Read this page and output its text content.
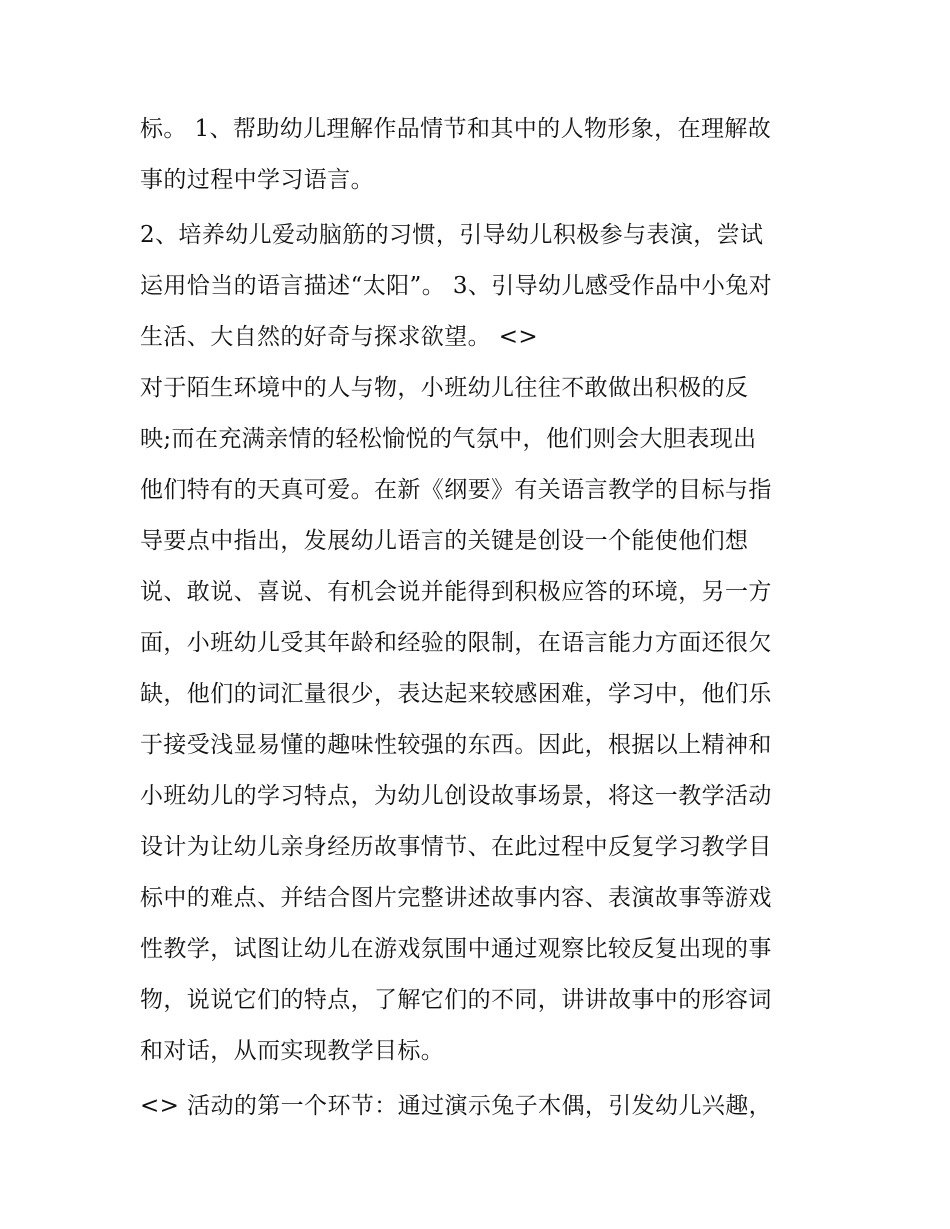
标。 1、帮助幼儿理解作品情节和其中的人物形象，在理解故
事的过程中学习语言。

2、培养幼儿爱动脑筋的习惯，引导幼儿积极参与表演，尝试
运用恰当的语言描述“太阳”。 3、引导幼儿感受作品中小兔对
生活、大自然的好奇与探求欲望。 <>

对于陌生环境中的人与物，小班幼儿往往不敢做出积极的反
映;而在充满亲情的轻松愉悦的气氛中，他们则会大胆表现出
他们特有的天真可爱。在新《纲要》有关语言教学的目标与指
导要点中指出，发展幼儿语言的关键是创设一个能使他们想
说、敢说、喜说、有机会说并能得到积极应答的环境，另一方
面，小班幼儿受其年龄和经验的限制，在语言能力方面还很欠
缺，他们的词汇量很少，表达起来较感困难，学习中，他们乐
于接受浅显易懂的趣味性较强的东西。因此，根据以上精神和
小班幼儿的学习特点，为幼儿创设故事场景，将这一教学活动
设计为让幼儿亲身经历故事情节、在此过程中反复学习教学目
标中的难点、并结合图片完整讲述故事内容、表演故事等游戏
性教学，试图让幼儿在游戏氛围中通过观察比较反复出现的事
物，说说它们的特点，了解它们的不同，讲讲故事中的形容词
和对话，从而实现教学目标。

<> 活动的第一个环节：通过演示兔子木偶，引发幼儿兴趣，
